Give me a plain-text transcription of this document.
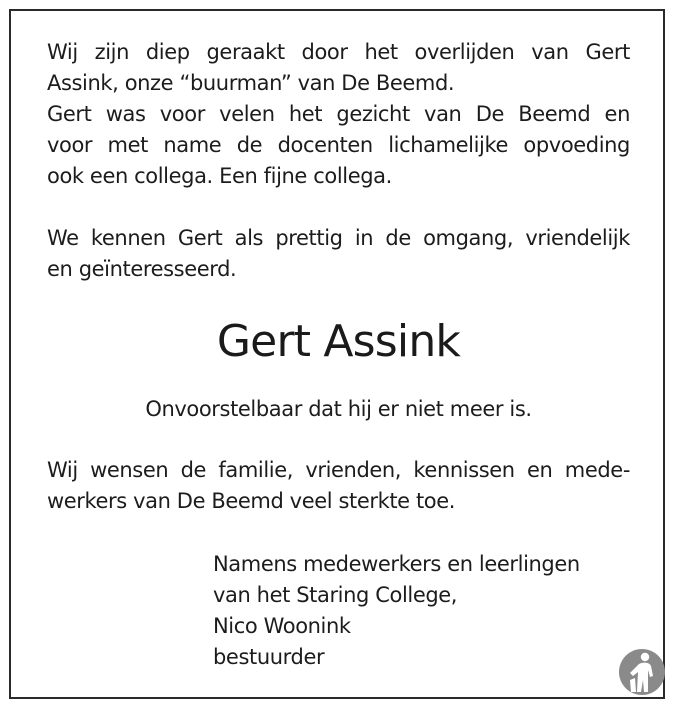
Wij zijn diep geraakt door het overlijden van Gert
Assink, onze “buurman” van De Beemd.
Gert was voor velen het gezicht van De Beemd en
voor met name de docenten lichamelijke opvoeding
ook een collega. Een fijne collega.

We kennen Gert als prettig in de omgang, vriendelijk
en geïnteresseerd.

Gert Assink
Onvoorstelbaar dat hij er niet meer is.
Wij wensen de familie, vrienden, kennissen en mede-
werkers van De Beemd veel sterkte toe.
Namens medewerkers en leerlingen
van het Staring College,
Nico Woonink
bestuurder
